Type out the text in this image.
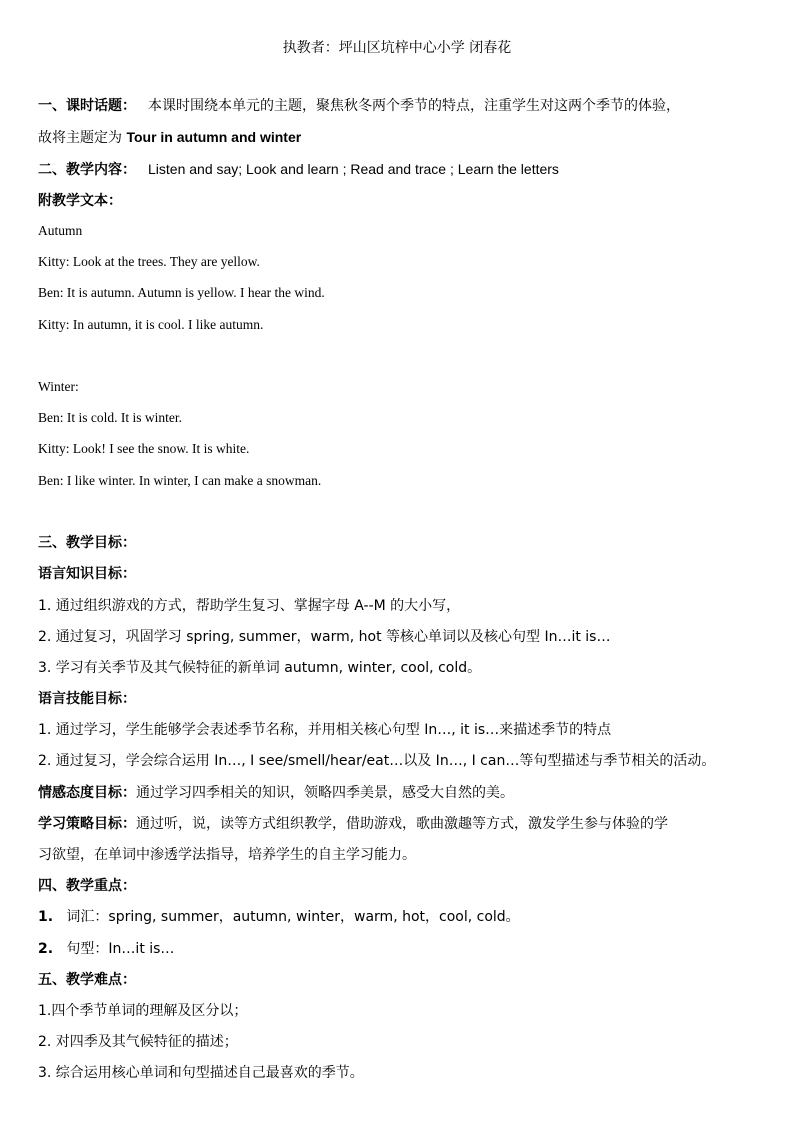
执教者：坪山区坑梓中心小学 闭春花
一、课时话题： 本课时围绕本单元的主题，聚焦秋冬两个季节的特点，注重学生对这两个季节的体验，
故将主题定为 Tour in autumn and winter
二、教学内容： Listen and say; Look and learn ; Read and trace ; Learn the letters
附教学文本：
Autumn
Kitty: Look at the trees. They are yellow.
Ben: It is autumn. Autumn is yellow. I hear the wind.
Kitty: In autumn, it is cool. I like autumn.
Winter:
Ben: It is cold. It is winter.
Kitty: Look! I see the snow. It is white.
Ben: I like winter. In winter, I can make a snowman.
三、教学目标：
语言知识目标：
1. 通过组织游戏的方式，帮助学生复习、掌握字母 A--M 的大小写，
2. 通过复习，巩固学习 spring, summer，warm, hot 等核心单词以及核心句型 In…it is…
3. 学习有关季节及其气候特征的新单词 autumn, winter, cool, cold。
语言技能目标：
1. 通过学习，学生能够学会表述季节名称，并用相关核心句型 In…, it is…来描述季节的特点
2. 通过复习，学会综合运用 In…, I see/smell/hear/eat…以及 In…, I can…等句型描述与季节相关的活动。
情感态度目标：通过学习四季相关的知识，领略四季美景，感受大自然的美。
学习策略目标：通过听，说，读等方式组织教学，借助游戏，歌曲激趣等方式，激发学生参与体验的学
习欲望，在单词中渗透学法指导，培养学生的自主学习能力。
四、教学重点：
1. 词汇：spring, summer，autumn, winter，warm, hot，cool, cold。
2. 句型：In…it is…
五、教学难点：
1.四个季节单词的理解及区分以；
2. 对四季及其气候特征的描述；
3. 综合运用核心单词和句型描述自己最喜欢的季节。
